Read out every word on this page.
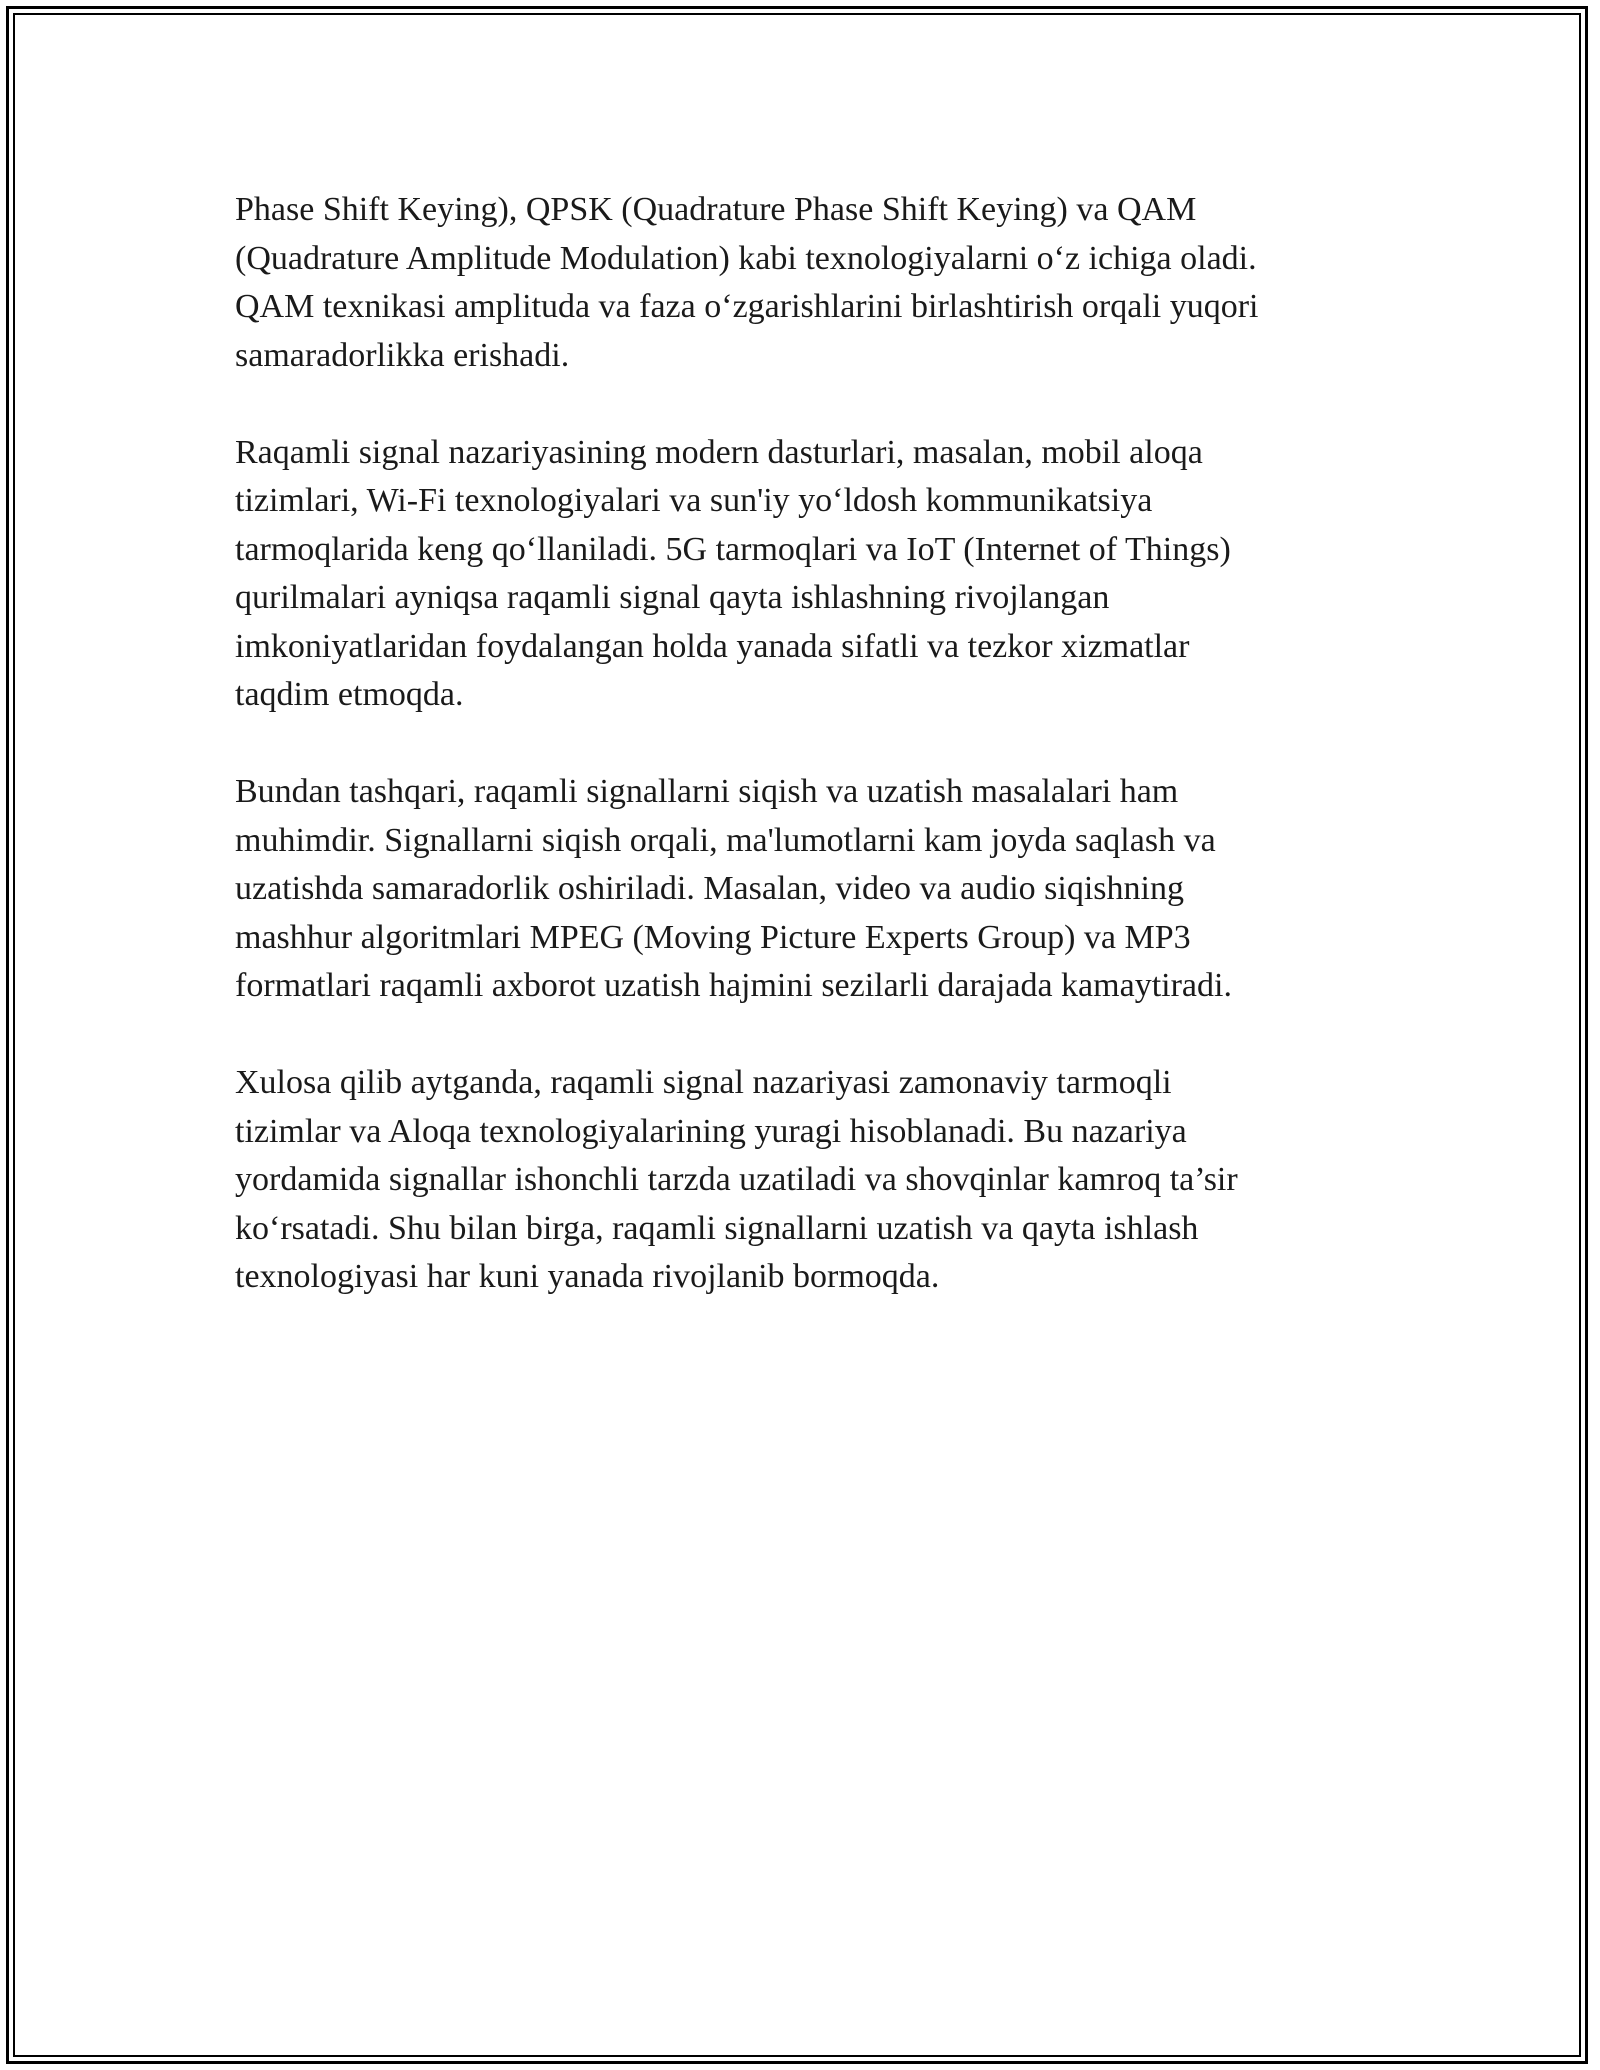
Phase Shift Keying), QPSK (Quadrature Phase Shift Keying) va QAM
(Quadrature Amplitude Modulation) kabi texnologiyalarni o‘z ichiga oladi.
QAM texnikasi amplituda va faza o‘zgarishlarini birlashtirish orqali yuqori
samaradorlikka erishadi.

Raqamli signal nazariyasining modern dasturlari, masalan, mobil aloqa
tizimlari, Wi-Fi texnologiyalari va sun'iy yo‘ldosh kommunikatsiya
tarmoqlarida keng qo‘llaniladi. 5G tarmoqlari va IoT (Internet of Things)
qurilmalari ayniqsa raqamli signal qayta ishlashning rivojlangan
imkoniyatlaridan foydalangan holda yanada sifatli va tezkor xizmatlar
taqdim etmoqda.

Bundan tashqari, raqamli signallarni siqish va uzatish masalalari ham
muhimdir. Signallarni siqish orqali, ma'lumotlarni kam joyda saqlash va
uzatishda samaradorlik oshiriladi. Masalan, video va audio siqishning
mashhur algoritmlari MPEG (Moving Picture Experts Group) va MP3
formatlari raqamli axborot uzatish hajmini sezilarli darajada kamaytiradi.

Xulosa qilib aytganda, raqamli signal nazariyasi zamonaviy tarmoqli
tizimlar va Aloqa texnologiyalarining yuragi hisoblanadi. Bu nazariya
yordamida signallar ishonchli tarzda uzatiladi va shovqinlar kamroq ta’sir
ko‘rsatadi. Shu bilan birga, raqamli signallarni uzatish va qayta ishlash
texnologiyasi har kuni yanada rivojlanib bormoqda.
